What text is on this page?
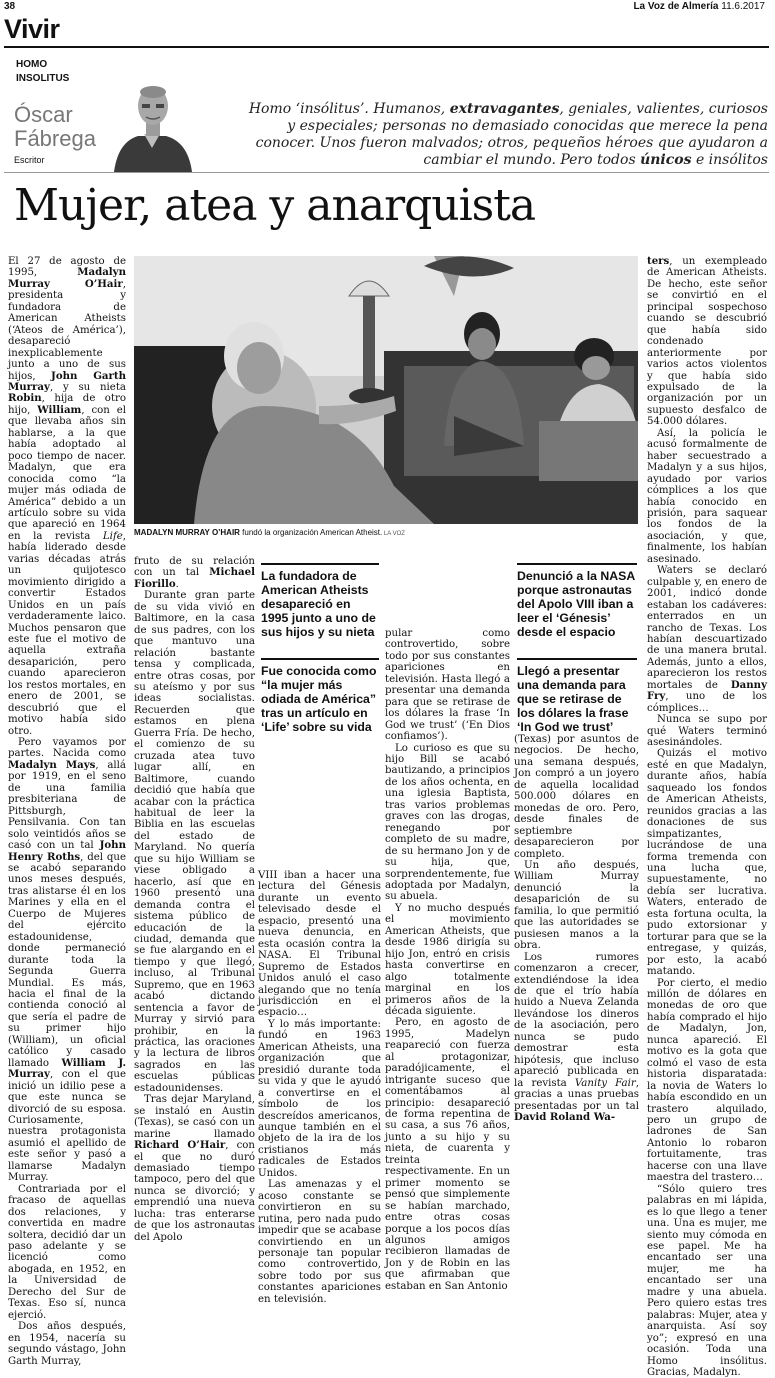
38	La Voz de Almería 11.6.2017
Vivir
HOMO
INSOLITUS
Óscar
Fábrega
Escritor
Homo ‘insólitus’. Humanos, extravagantes, geniales, valientes, curiosos y especiales; personas no demasiado conocidas que merece la pena conocer. Unos fueron malvados; otros, pequeños héroes que ayudaron a cambiar el mundo. Pero todos únicos e insólitos
Mujer, atea y anarquista

El 27 de agosto de 1995, Madalyn Murray O’Hair, presidenta y fundadora de American Atheists (‘Ateos de América’), desapareció inexplicablemente junto a uno de sus hijos, John Garth Murray, y su nieta Robin, hija de otro hijo, William, con el que llevaba años sin hablarse, a la que había adoptado al poco tiempo de nacer. Madalyn, que era conocida como “la mujer más odiada de América” debido a un artículo sobre su vida que apareció en 1964 en la revista Life, había liderado desde varias décadas atrás un quijotesco movimiento dirigido a convertir Estados Unidos en un país verdaderamente laico. Muchos pensaron que este fue el motivo de aquella extraña desaparición, pero cuando aparecieron los restos mortales, en enero de 2001, se descubrió que el motivo había sido otro.

Pero vayamos por partes. Nacida como Madalyn Mays, allá por 1919, en el seno de una familia presbiteriana de Pittsburgh, Pensilvania. Con tan solo veintidós años se casó con un tal John Henry Roths, del que se acabó separando unos meses después, tras alistarse él en los Marines y ella en el Cuerpo de Mujeres del ejército estadounidense, donde permaneció durante toda la Segunda Guerra Mundial. Es más, hacia el final de la contienda conoció al que sería el padre de su primer hijo (William), un oficial católico y casado llamado William J. Murray, con el que inició un idilio pese a que este nunca se divorció de su esposa. Curiosamente, nuestra protagonista asumió el apellido de este señor y pasó a llamarse Madalyn Murray.

Contrariada por el fracaso de aquellas dos relaciones, y convertida en madre soltera, decidió dar un paso adelante y se licenció como abogada, en 1952, en la Universidad de Derecho del Sur de Texas. Eso sí, nunca ejerció.

Dos años después, en 1954, nacería su segundo vástago, John Garth Murray,

MADALYN MURRAY O’HAIR fundó la organización American Atheist. LA VOZ

fruto de su relación con un tal Michael Fiorillo.

Durante gran parte de su vida vivió en Baltimore, en la casa de sus padres, con los que mantuvo una relación bastante tensa y complicada, entre otras cosas, por su ateísmo y por sus ideas socialistas. Recuerden que estamos en plena Guerra Fría. De hecho, el comienzo de su cruzada atea tuvo lugar allí, en Baltimore, cuando decidió que había que acabar con la práctica habitual de leer la Biblia en las escuelas del estado de Maryland. No quería que su hijo William se viese obligado a hacerlo, así que en 1960 presentó una demanda contra el sistema público de educación de la ciudad, demanda que se fue alargando en el tiempo y que llegó, incluso, al Tribunal Supremo, que en 1963 acabó dictando sentencia a favor de Murray y sirvió para prohibir, en la práctica, las oraciones y la lectura de libros sagrados en las escuelas públicas estadounidenses.

Tras dejar Maryland, se instaló en Austin (Texas), se casó con un marine llamado Richard O’Hair, con el que no duró demasiado tiempo tampoco, pero del que nunca se divorció; y emprendió una nueva lucha: tras enterarse de que los astronautas del Apolo

La fundadora de American Atheists desapareció en 1995 junto a uno de sus hijos y su nieta
Fue conocida como “la mujer más odiada de América” tras un artículo en ‘Life’ sobre su vida
Denunció a la NASA porque astronautas del Apolo VIII iban a leer el ‘Génesis’ desde el espacio
Llegó a presentar una demanda para que se retirase de los dólares la frase ‘In God we trust’

VIII iban a hacer una lectura del Génesis durante un evento televisado desde el espacio, presentó una nueva denuncia, en esta ocasión contra la NASA. El Tribunal Supremo de Estados Unidos anuló el caso alegando que no tenía jurisdicción en el espacio…

Y lo más importante: fundó en 1963 American Atheists, una organización que presidió durante toda su vida y que le ayudó a convertirse en el símbolo de los descreídos americanos, aunque también en el objeto de la ira de los cristianos más radicales de Estados Unidos.

Las amenazas y el acoso constante se convirtieron en su rutina, pero nada pudo impedir que se acabase convirtiendo en un personaje tan popular como controvertido, sobre todo por sus constantes apariciones en televisión.

pular como controvertido, sobre todo por sus constantes apariciones en televisión. Hasta llegó a presentar una demanda para que se retirase de los dólares la frase ‘In God we trust’ (‘En Dios confiamos’).

Lo curioso es que su hijo Bill se acabó bautizando, a principios de los años ochenta, en una iglesia Baptista, tras varios problemas graves con las drogas, renegando por completo de su madre, de su hermano Jon y de su hija, que, sorprendentemente, fue adoptada por Madalyn, su abuela.

Y no mucho después el movimiento American Atheists, que desde 1986 dirigía su hijo Jon, entró en crisis hasta convertirse en algo totalmente marginal en los primeros años de la década siguiente.

Pero, en agosto de 1995, Madelyn reapareció con fuerza al protagonizar, paradójicamente, el intrigante suceso que comentábamos al principio: desapareció de forma repentina de su casa, a sus 76 años, junto a su hijo y su nieta, de cuarenta y treinta respectivamente. En un primer momento se pensó que simplemente se habían marchado, entre otras cosas porque a los pocos días algunos amigos recibieron llamadas de Jon y de Robin en las que afirmaban que estaban en San Antonio

(Texas) por asuntos de negocios. De hecho, una semana después, Jon compró a un joyero de aquella localidad 500.000 dólares en monedas de oro. Pero, desde finales de septiembre desaparecieron por completo.

Un año después, William Murray denunció la desaparición de su familia, lo que permitió que las autoridades se pusiesen manos a la obra.

Los rumores comenzaron a crecer, extendiéndose la idea de que el trío había huido a Nueva Zelanda llevándose los dineros de la asociación, pero nunca se pudo demostrar esta hipótesis, que incluso apareció publicada en la revista Vanity Fair, gracias a unas pruebas presentadas por un tal David Roland Wa-

ters, un exempleado de American Atheists. De hecho, este señor se convirtió en el principal sospechoso cuando se descubrió que había sido condenado anteriormente por varios actos violentos y que había sido expulsado de la organización por un supuesto desfalco de 54.000 dólares.

Así, la policía le acusó formalmente de haber secuestrado a Madalyn y a sus hijos, ayudado por varios cómplices a los que había conocido en prisión, para saquear los fondos de la asociación, y que, finalmente, los habían asesinado.

Waters se declaró culpable y, en enero de 2001, indicó donde estaban los cadáveres: enterrados en un rancho de Texas. Los habían descuartizado de una manera brutal. Además, junto a ellos, aparecieron los restos mortales de Danny Fry, uno de los cómplices…

Nunca se supo por qué Waters terminó asesinándoles.

Quizás el motivo esté en que Madalyn, durante años, había saqueado los fondos de American Atheists, reunidos gracias a las donaciones de sus simpatizantes, lucrándose de una forma tremenda con una lucha que, supuestamente, no debía ser lucrativa. Waters, enterado de esta fortuna oculta, la pudo extorsionar y torturar para que se la entregase, y quizás, por esto, la acabó matando.

Por cierto, el medio millón de dólares en monedas de oro que había comprado el hijo de Madalyn, Jon, nunca apareció. El motivo es la gota que colmó el vaso de esta historia disparatada: la novia de Waters lo había escondido en un trastero alquilado, pero un grupo de ladrones de San Antonio lo robaron fortuitamente, tras hacerse con una llave maestra del trastero…

“Sólo quiero tres palabras en mi lápida, es lo que llego a tener una. Una es mujer, me siento muy cómoda en ese papel. Me ha encantado ser una mujer, me ha encantado ser una madre y una abuela. Pero quiero estas tres palabras: Mujer, atea y anarquista. Así soy yo”; expresó en una ocasión. Toda una Homo insólitus. Gracias, Madalyn.
